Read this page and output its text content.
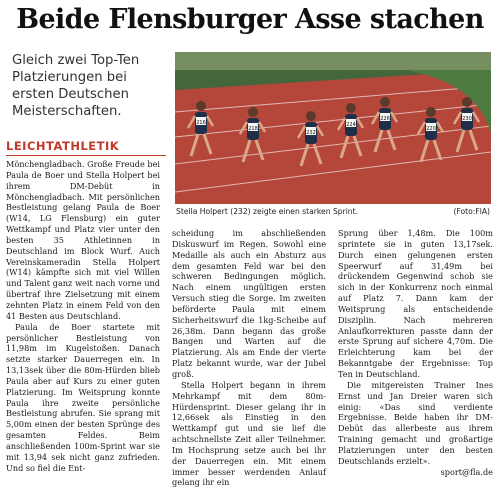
Beide Flensburger Asse stachen
Gleich zwei Top-Ten Platzierungen bei ersten Deutschen Meisterschaften.
LEICHTATHLETIK
216
218
232
224
220
230
226
Stella Holpert (232) zeigte einen starken Sprint.	(Foto:FlA)

Mönchengladbach. Große Freude bei Paula de Boer und Stella Holpert bei ihrem DM-Debüt in Mönchengladbach. Mit persönlichen Bestleistung gelang Paula de Boer (W14, LG Flensburg) ein guter Wettkampf und Platz vier unter den besten 35 Athletinnen in Deutschland im Block Wurf. Auch Vereinskameradin Stella Holpert (W14) kämpfte sich mit viel Willen und Talent ganz weit nach vorne und übertraf ihre Zielsetzung mit einem zehnten Platz in einem Feld von den 41 Besten aus Deutschland.

Paula de Boer startete mit persönlicher Bestleistung von 11,98m im Kugelstoßen. Danach setzte starker Dauerregen ein. In 13,13sek über die 80m-Hürden blieb Paula aber auf Kurs zu einer guten Platzierung. Im Weitsprung konnte Paula ihre zweite persönliche Bestleistung abrufen. Sie sprang mit 5,00m einen der besten Sprünge des gesamten Feldes. Beim anschließenden 100m-Sprint war sie mit 13,94 sek nicht ganz zufrieden. Und so fiel die Ent-

scheidung im abschließenden Diskuswurf im Regen. Sowohl eine Medaille als auch ein Absturz aus dem gesamten Feld war bei den schweren Bedingungen möglich. Nach einem ungültigen ersten Versuch stieg die Sorge. Im zweiten beförderte Paula mit einem Sicherheitswurf die 1kg-Scheibe auf 26,38m. Dann begann das große Bangen und Warten auf die Platzierung. Als am Ende der vierte Platz bekannt wurde, war der Jubel groß.

Stella Holpert begann in ihrem Mehrkampf mit dem 80m-Hürdensprint. Dieser gelang ihr in 12,66sek als Einstieg in den Wettkampf gut und sie lief die achtschnellste Zeit aller Teilnehmer. Im Hochsprung setze auch bei ihr der Dauerregen ein. Mit einem immer besser werdenden Anlauf gelang ihr ein

Sprung über 1,48m. Die 100m sprintete sie in guten 13,17sek. Durch einen gelungenen ersten Speerwurf auf 31,49m bei drückendem Gegenwind schob sie sich in der Konkurrenz noch einmal auf Platz 7. Dann kam der Weitsprung als entscheidende Disziplin. Nach mehreren Anlaufkorrekturen passte dann der erste Sprung auf sichere 4,70m. Die Erleichterung kam bei der Bekanntgabe der Ergebnisse: Top Ten in Deutschland.

Die mitgereisten Trainer Ines Ernst und Jan Dreier waren sich einig: «Das sind verdiente Ergebnisse. Beide haben ihr DM-Debüt das allerbeste aus ihrem Training gemacht und großartige Platzierungen unter den besten Deutschlands erzielt».

sport@fla.de
